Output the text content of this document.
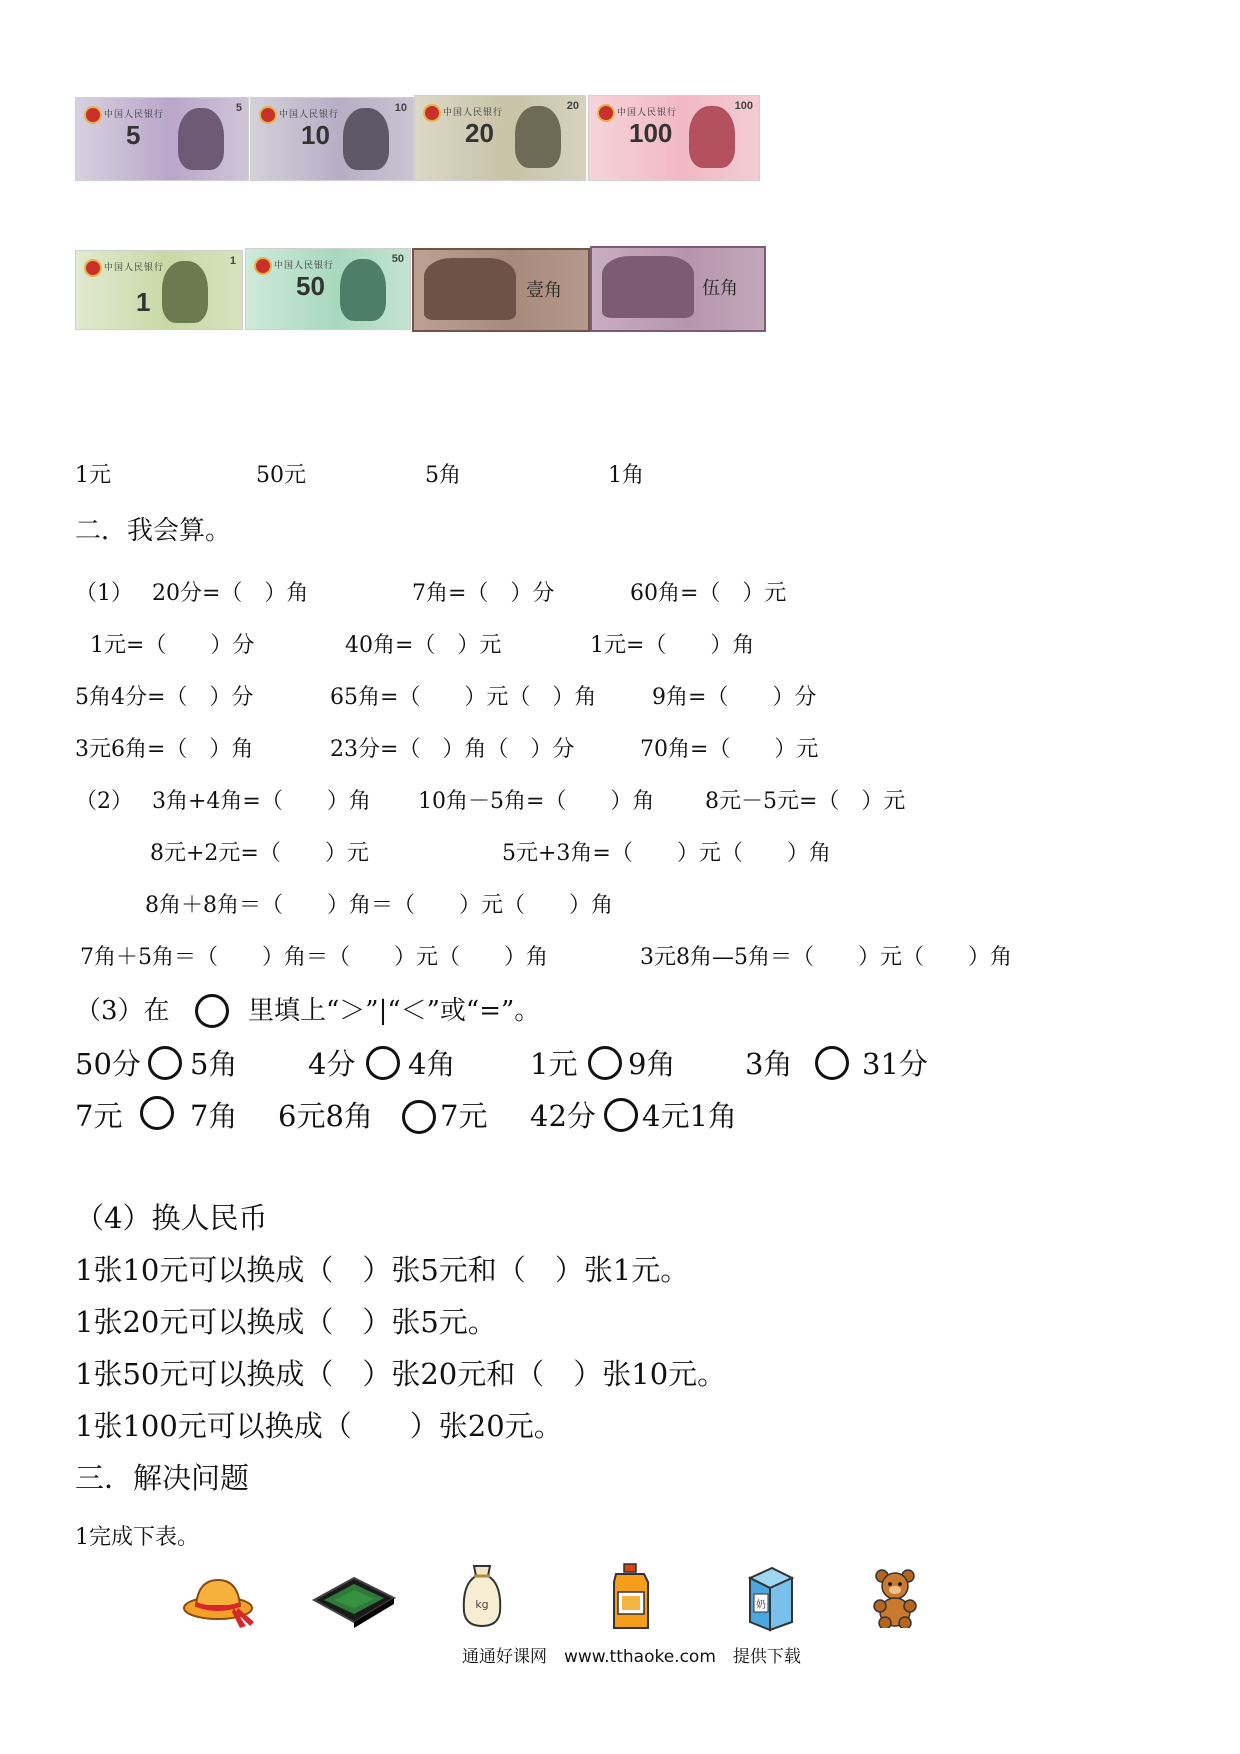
中国人民银行
5
5
中国人民银行
10
10	中国人民银行
20
20
中国人民银行
100
100
中国人民银行
1
1	中国人民银行
50
50
壹角	伍角
1元	50元	5角	1角
二．我会算。
（1） 20分=（　）角	7角=（　）分	60角=（　）元
1元=（　　）分	40角=（　）元	1元=（　　）角
5角4分=（　）分	65角=（　　）元（　）角	9角=（　　）分
3元6角=（　）角	23分=（　）角（　）分	70角=（　　）元
（2） 3角+4角=（　　）角 10角－5角=（　　）角 8元－5元=（　）元
8元+2元=（　　）元	5元+3角=（　　）元（　　）角
8角＋8角＝（　　）角＝（　　）元（　　）角
7角＋5角＝（　　）角＝（　　）元（　　）角	3元8角—5角＝（　　）元（　　）角
（3）在	里填上“＞”|“＜”或“=”。
50分 5角 4分 4角	1元 9角 3角 31分
7元 7角 6元8角 7元 42分 4元1角
（4）换人民币
1张10元可以换成（　）张5元和（　）张1元。
1张20元可以换成（　）张5元。
1张50元可以换成（　）张20元和（　）张10元。
1张100元可以换成（　　）张20元。
三．解决问题
1完成下表。
kg	奶
通通好课网　www.tthaoke.com　提供下载
